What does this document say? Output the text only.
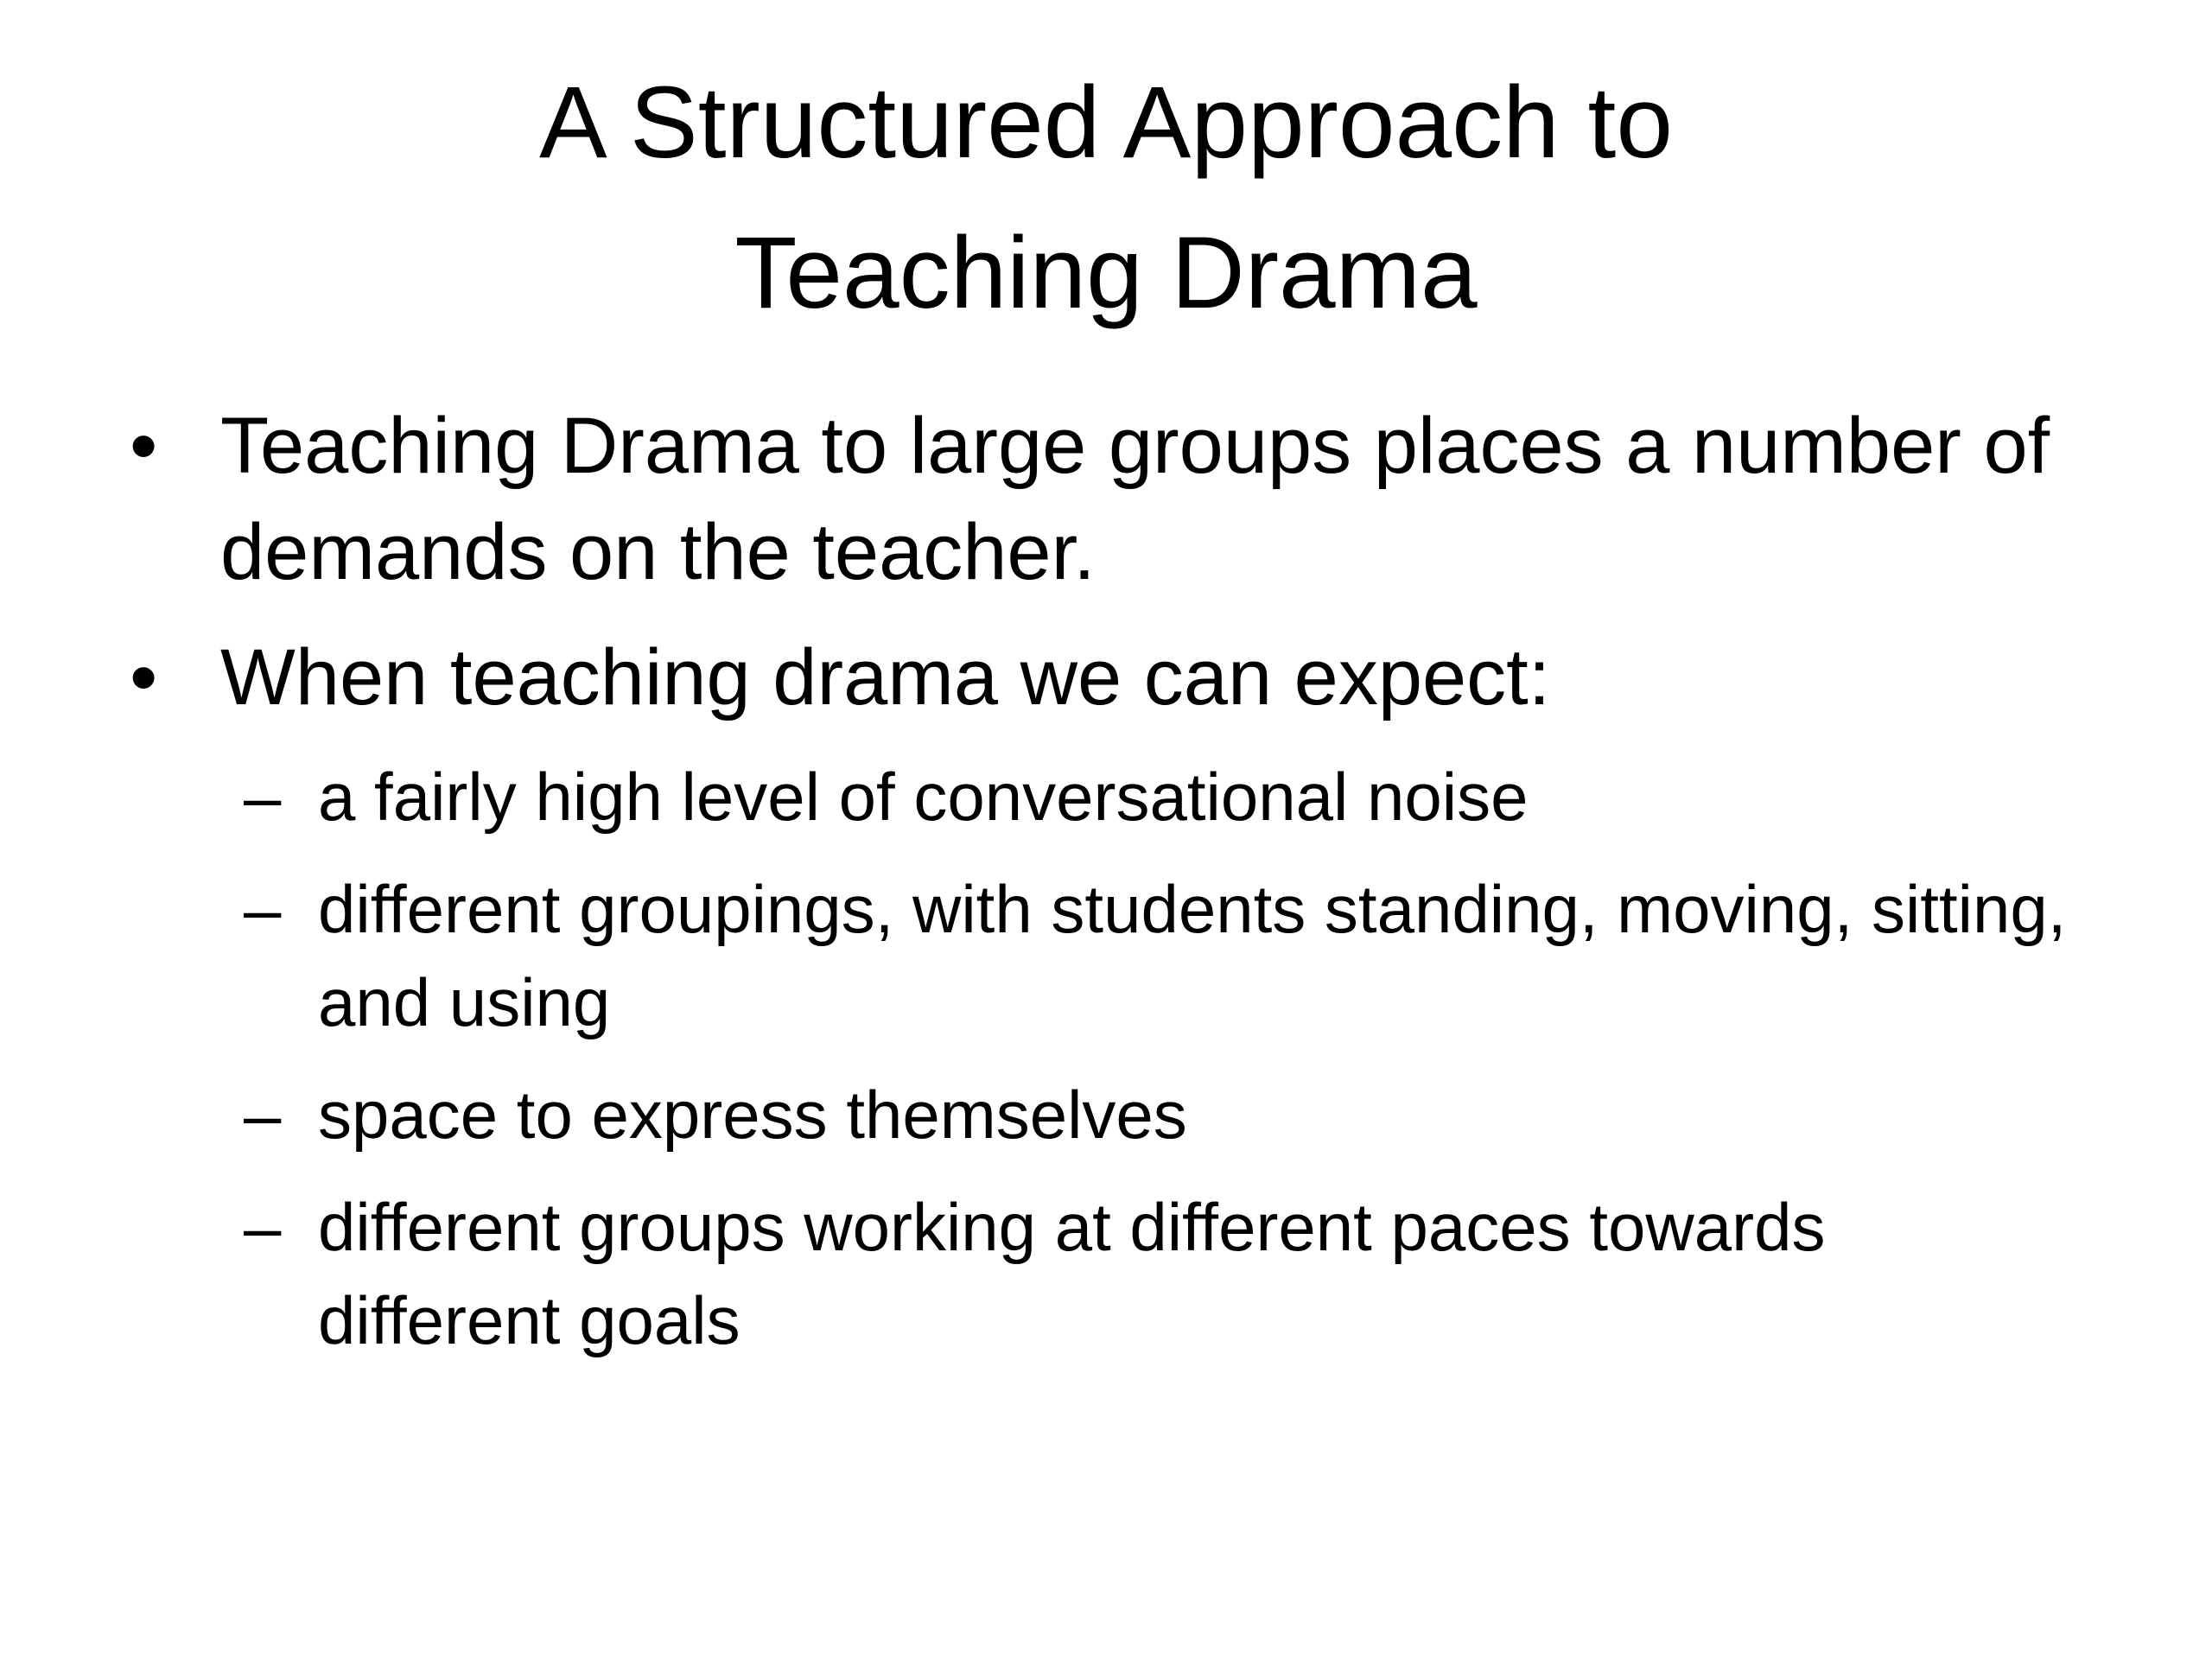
A Structured Approach to
Teaching Drama
• Teaching Drama to large groups places a number of demands on the teacher.
• When teaching drama we can expect:
– a fairly high level of conversational noise
– different groupings, with students standing, moving, sitting, and using
– space to express themselves
– different groups working at different paces towards different goals
